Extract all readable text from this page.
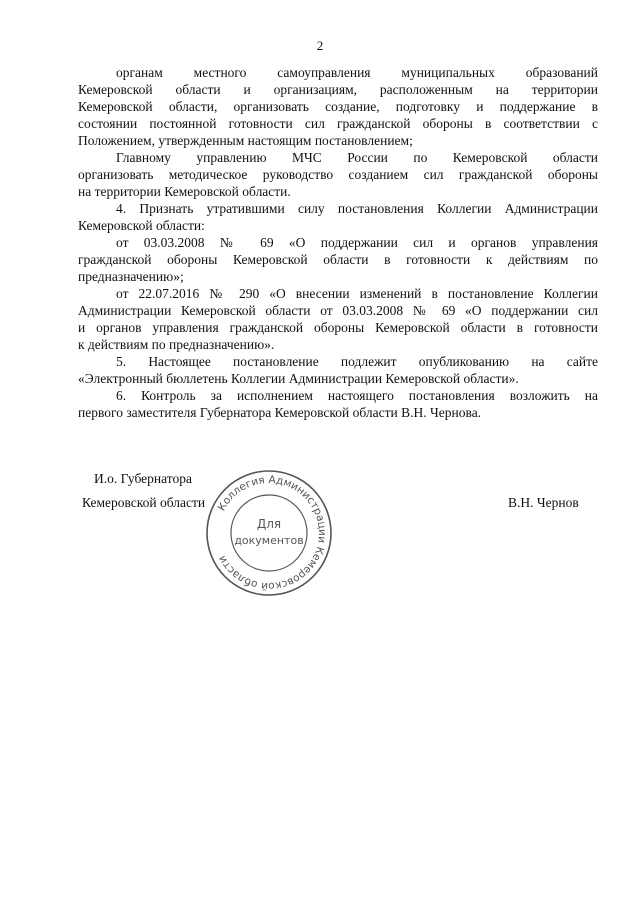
2
органам местного самоуправления муниципальных образований
Кемеровской области и организациям, расположенным на территории
Кемеровской области, организовать создание, подготовку и поддержание в
состоянии постоянной готовности сил гражданской обороны в соответствии с
Положением, утвержденным настоящим постановлением;
Главному управлению МЧС России по Кемеровской области
организовать методическое руководство созданием сил гражданской обороны
на территории Кемеровской области.
4. Признать утратившими силу постановления Коллегии Администрации
Кемеровской области:
от 03.03.2008 № 69 «О поддержании сил и органов управления
гражданской обороны Кемеровской области в готовности к действиям по
предназначению»;
от 22.07.2016 № 290 «О внесении изменений в постановление Коллегии
Администрации Кемеровской области от 03.03.2008 № 69 «О поддержании сил
и органов управления гражданской обороны Кемеровской области в готовности
к действиям по предназначению».
5. Настоящее постановление подлежит опубликованию на сайте
«Электронный бюллетень Коллегии Администрации Кемеровской области».
6. Контроль за исполнением настоящего постановления возложить на
первого заместителя Губернатора Кемеровской области В.Н. Чернова.
И.о. Губернатора
Кемеровской области	В.Н. Чернов
Коллегия Администрации Кемеровской области
Для
документов
